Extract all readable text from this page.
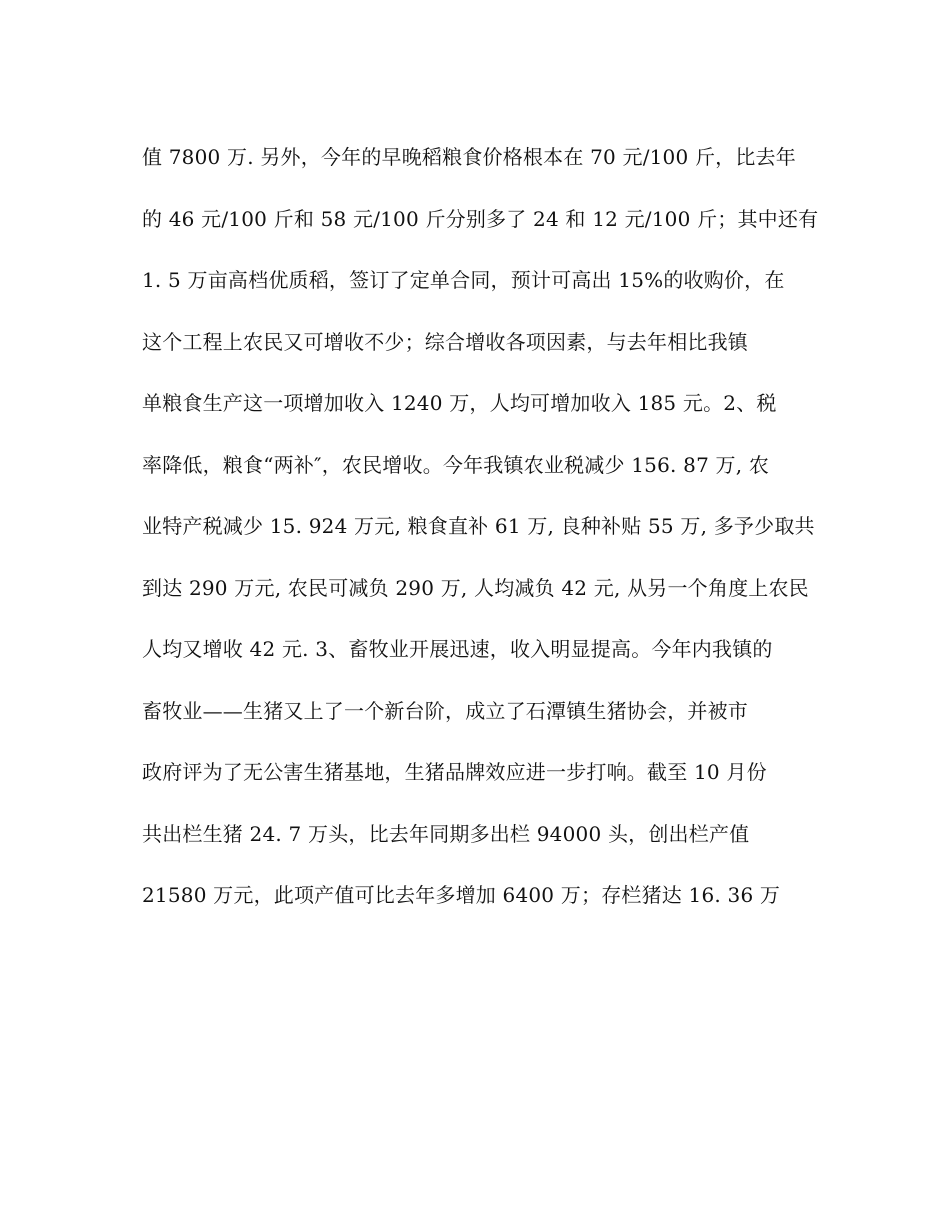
值 7800 万. 另外，今年的早晚稻粮食价格根本在 70 元/100 斤，比去年
的 46 元/100 斤和 58 元/100 斤分别多了 24 和 12 元/100 斤；其中还有
1. 5 万亩高档优质稻，签订了定单合同，预计可高出 15%的收购价，在
这个工程上农民又可增收不少；综合增收各项因素，与去年相比我镇
单粮食生产这一项增加收入 1240 万，人均可增加收入 185 元。2、税
率降低，粮食“两补″，农民增收。今年我镇农业税减少 156. 87 万, 农
业特产税减少 15. 924 万元, 粮食直补 61 万, 良种补贴 55 万, 多予少取共
到达 290 万元, 农民可减负 290 万, 人均减负 42 元, 从另一个角度上农民
人均又增收 42 元. 3、畜牧业开展迅速，收入明显提高。今年内我镇的
畜牧业——生猪又上了一个新台阶，成立了石潭镇生猪协会，并被市
政府评为了无公害生猪基地，生猪品牌效应进一步打响。截至 10 月份
共出栏生猪 24. 7 万头，比去年同期多出栏 94000 头，创出栏产值
21580 万元，此项产值可比去年多增加 6400 万；存栏猪达 16. 36 万
